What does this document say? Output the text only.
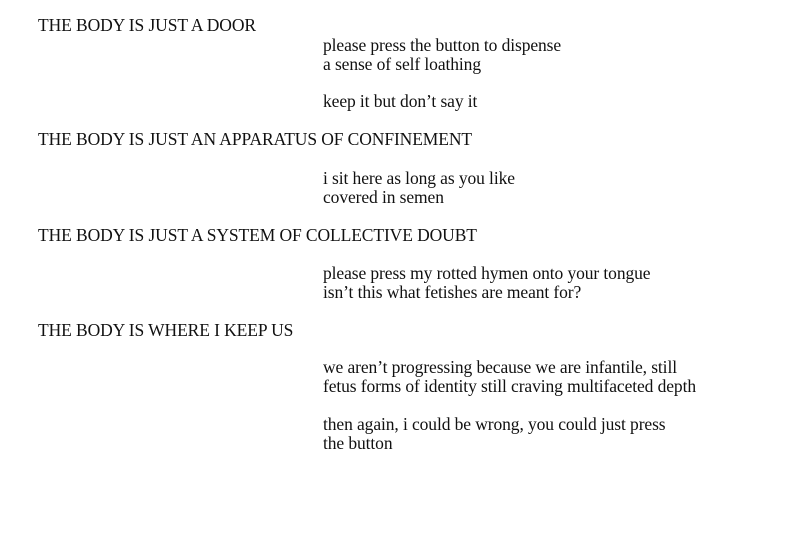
THE BODY IS JUST A DOOR
please press the button to dispense
a sense of self loathing
keep it but don’t say it
THE BODY IS JUST AN APPARATUS OF CONFINEMENT
i sit here as long as you like
covered in semen
THE BODY IS JUST A SYSTEM OF COLLECTIVE DOUBT
please press my rotted hymen onto your tongue
isn’t this what fetishes are meant for?
THE BODY IS WHERE I KEEP US
we aren’t progressing because we are infantile, still
fetus forms of identity still craving multifaceted depth
then again, i could be wrong, you could just press
the button
